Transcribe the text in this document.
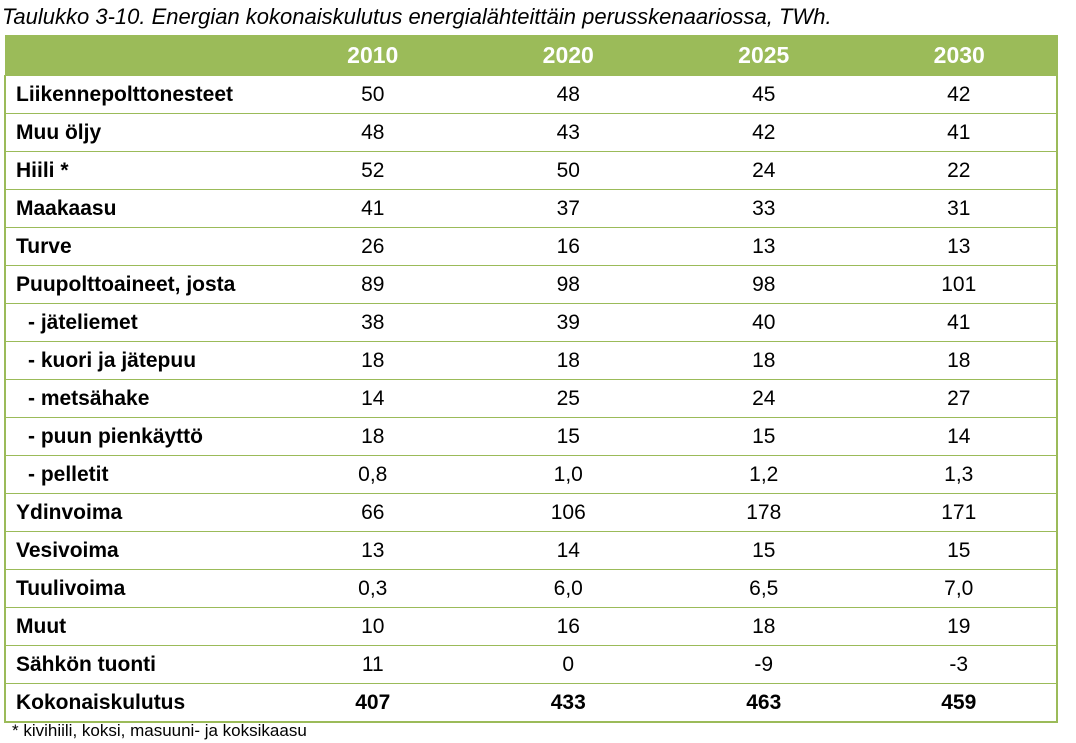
Taulukko 3-10. Energian kokonaiskulutus energialähteittäin perusskenaariossa, TWh.
	2010	2020	2025	2030
Liikennepolttonesteet	50	48	45	42
Muu öljy	48	43	42	41
Hiili *	52	50	24	22
Maakaasu	41	37	33	31
Turve	26	16	13	13
Puupolttoaineet, josta	89	98	98	101
- jäteliemet	38	39	40	41
- kuori ja jätepuu	18	18	18	18
- metsähake	14	25	24	27
- puun pienkäyttö	18	15	15	14
- pelletit	0,8	1,0	1,2	1,3
Ydinvoima	66	106	178	171
Vesivoima	13	14	15	15
Tuulivoima	0,3	6,0	6,5	7,0
Muut	10	16	18	19
Sähkön tuonti	11	0	-9	-3
Kokonaiskulutus	407	433	463	459
* kivihiili, koksi, masuuni- ja koksikaasu
